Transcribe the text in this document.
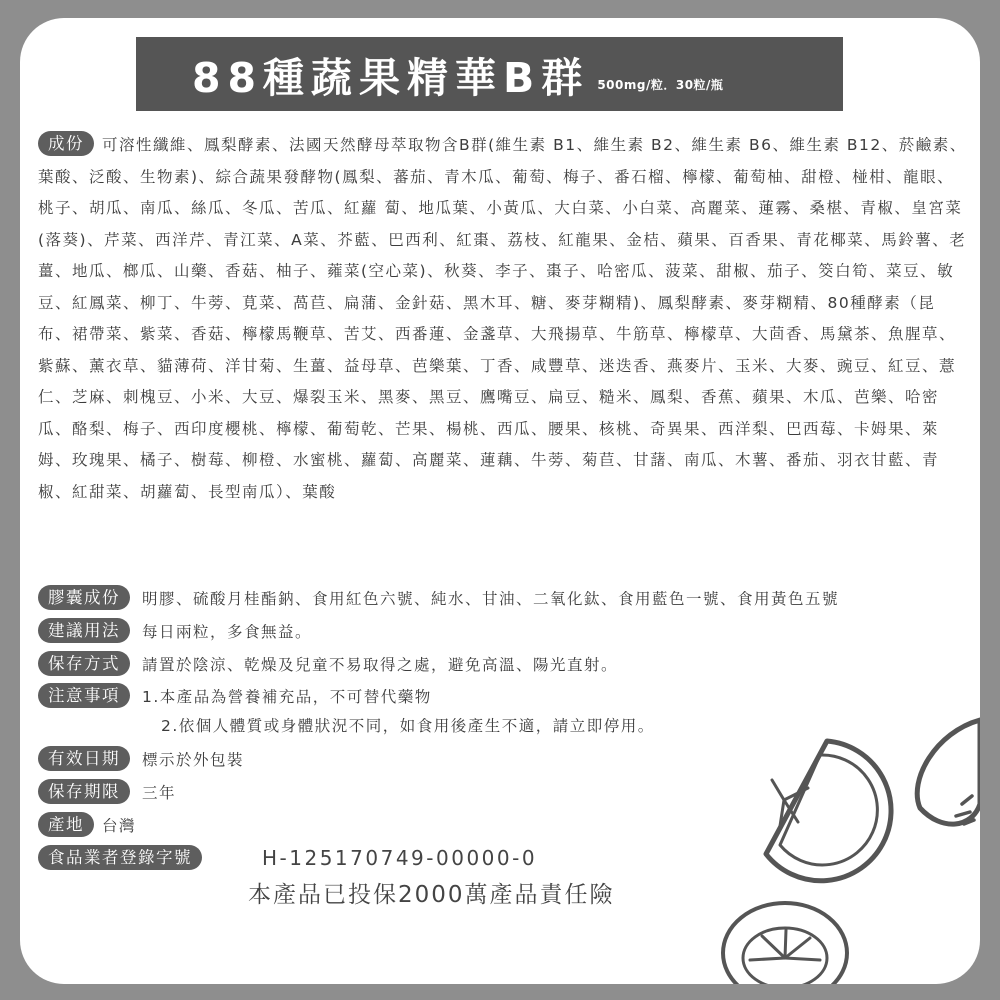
88種蔬果精華B群 500mg/粒．30粒/瓶

成份 可溶性纖維、鳳梨酵素、法國天然酵母萃取物含B群(維生素 B1、維生素 B2、維生素 B6、維生素 B12、菸鹼素、葉酸、泛酸、生物素)、綜合蔬果發酵物(鳳梨、蕃茄、青木瓜、葡萄、梅子、番石榴、檸檬、葡萄柚、甜橙、椪柑、龍眼、桃子、胡瓜、南瓜、絲瓜、冬瓜、苦瓜、紅蘿 蔔、地瓜葉、小黃瓜、大白菜、小白菜、高麗菜、蓮霧、桑椹、青椒、皇宮菜(落葵)、芹菜、西洋芹、青江菜、A菜、芥藍、巴西利、紅棗、荔枝、紅龍果、金桔、蘋果、百香果、青花椰菜、馬鈴薯、老薑、地瓜、榔瓜、山藥、香菇、柚子、蕹菜(空心菜)、秋葵、李子、棗子、哈密瓜、菠菜、甜椒、茄子、筊白筍、菜豆、敏豆、紅鳳菜、柳丁、牛蒡、莧菜、萵苣、扁蒲、金針菇、黑木耳、糖、麥芽糊精)、鳳梨酵素、麥芽糊精、80種酵素（昆布、裙帶菜、紫菜、香菇、檸檬馬鞭草、苦艾、西番蓮、金盞草、大飛揚草、牛筋草、檸檬草、大茴香、馬黛茶、魚腥草、紫蘇、薰衣草、貓薄荷、洋甘菊、生薑、益母草、芭樂葉、丁香、咸豐草、迷迭香、燕麥片、玉米、大麥、豌豆、紅豆、薏仁、芝麻、刺槐豆、小米、大豆、爆裂玉米、黑麥、黑豆、鷹嘴豆、扁豆、糙米、鳳梨、香蕉、蘋果、木瓜、芭樂、哈密瓜、酪梨、梅子、西印度櫻桃、檸檬、葡萄乾、芒果、楊桃、西瓜、腰果、核桃、奇異果、西洋梨、巴西莓、卡姆果、萊姆、玫瑰果、橘子、樹莓、柳橙、水蜜桃、蘿蔔、高麗菜、蓮藕、牛蒡、菊苣、甘藷、南瓜、木薯、番茄、羽衣甘藍、青椒、紅甜菜、胡蘿蔔、長型南瓜）、葉酸

膠囊成份	明膠、硫酸月桂酯鈉、食用紅色六號、純水、甘油、二氧化鈦、食用藍色一號、食用黃色五號
建議用法	每日兩粒，多食無益。
保存方式	請置於陰涼、乾燥及兒童不易取得之處，避免高溫、陽光直射。
注意事項	1.本產品為營養補充品，不可替代藥物
2.依個人體質或身體狀況不同，如食用後產生不適，請立即停用。
有效日期	標示於外包裝
保存期限	三年
產地	台灣
食品業者登錄字號	H-125170749-00000-0
本產品已投保2000萬產品責任險
